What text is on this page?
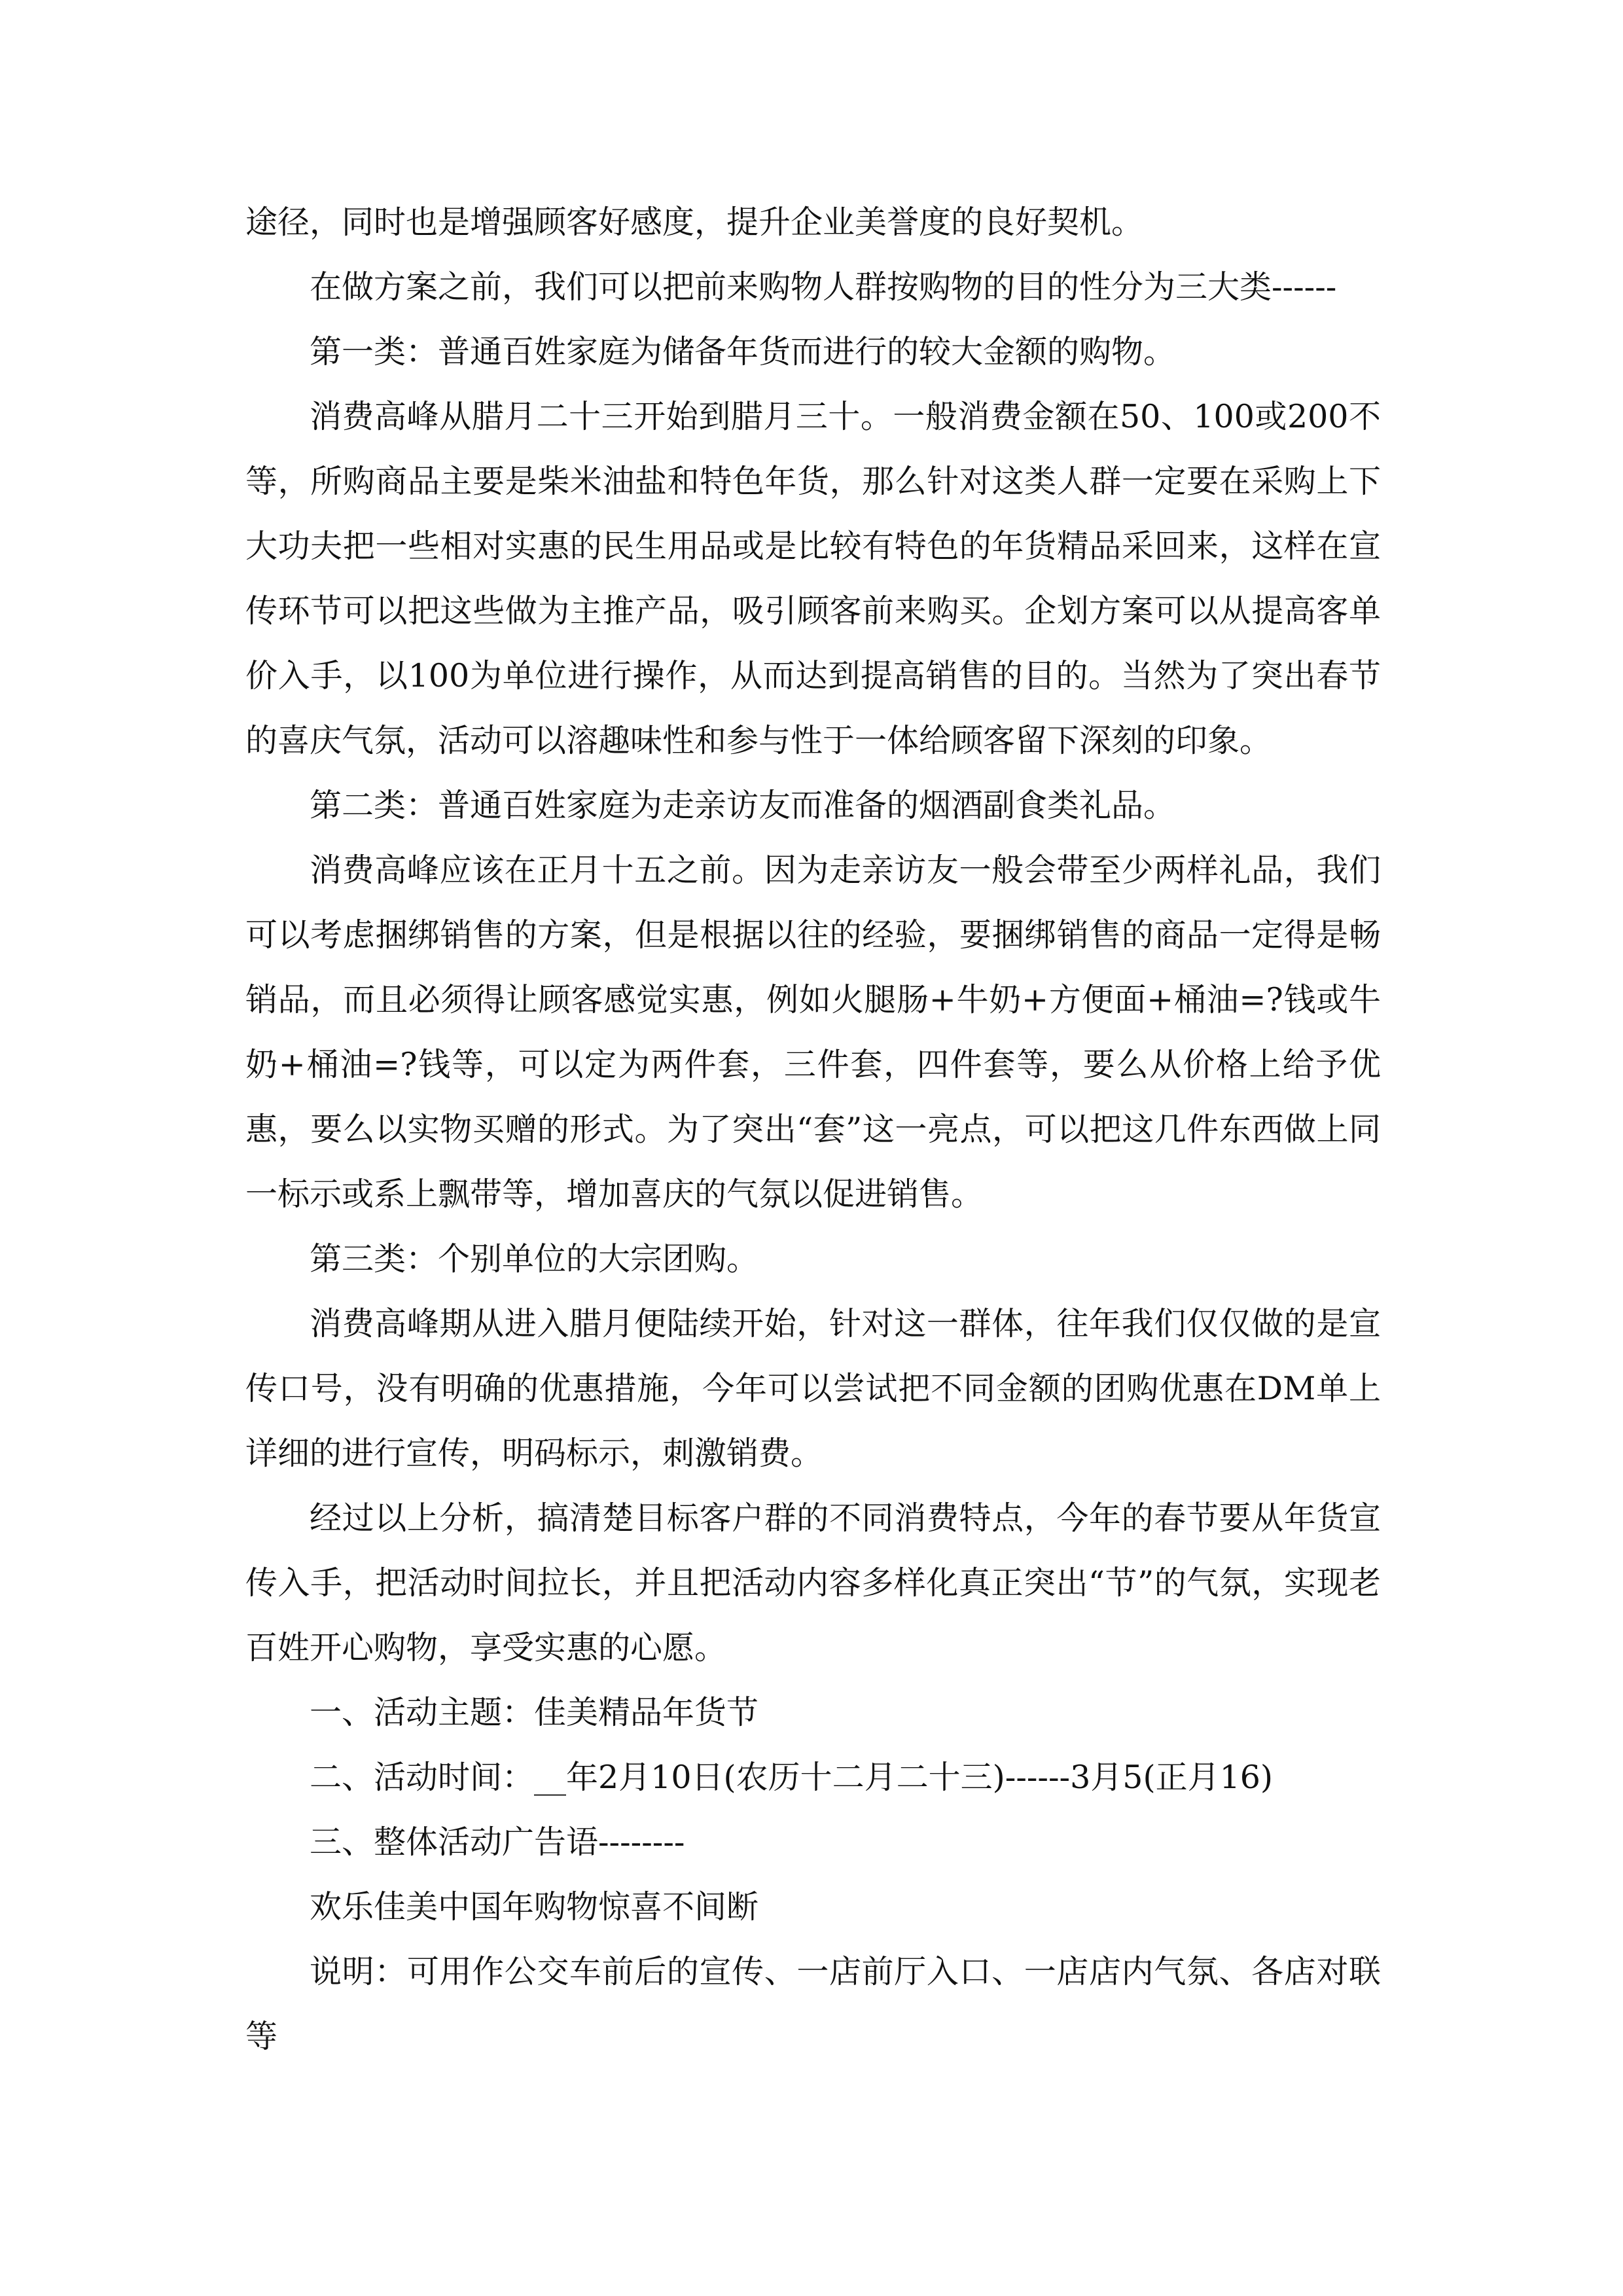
途径，同时也是增强顾客好感度，提升企业美誉度的良好契机。

在做方案之前，我们可以把前来购物人群按购物的目的性分为三大类------

第一类：普通百姓家庭为储备年货而进行的较大金额的购物。

消费高峰从腊月二十三开始到腊月三十。一般消费金额在50、100或200不等，所购商品主要是柴米油盐和特色年货，那么针对这类人群一定要在采购上下大功夫把一些相对实惠的民生用品或是比较有特色的年货精品采回来，这样在宣传环节可以把这些做为主推产品，吸引顾客前来购买。企划方案可以从提高客单价入手，以100为单位进行操作，从而达到提高销售的目的。当然为了突出春节的喜庆气氛，活动可以溶趣味性和参与性于一体给顾客留下深刻的印象。

第二类：普通百姓家庭为走亲访友而准备的烟酒副食类礼品。

消费高峰应该在正月十五之前。因为走亲访友一般会带至少两样礼品，我们可以考虑捆绑销售的方案，但是根据以往的经验，要捆绑销售的商品一定得是畅销品，而且必须得让顾客感觉实惠，例如火腿肠+牛奶+方便面+桶油=?钱或牛奶+桶油=?钱等，可以定为两件套，三件套，四件套等，要么从价格上给予优惠，要么以实物买赠的形式。为了突出“套”这一亮点，可以把这几件东西做上同一标示或系上飘带等，增加喜庆的气氛以促进销售。

第三类：个别单位的大宗团购。

消费高峰期从进入腊月便陆续开始，针对这一群体，往年我们仅仅做的是宣传口号，没有明确的优惠措施，今年可以尝试把不同金额的团购优惠在DM单上详细的进行宣传，明码标示，刺激销费。

经过以上分析，搞清楚目标客户群的不同消费特点，今年的春节要从年货宣传入手，把活动时间拉长，并且把活动内容多样化真正突出“节”的气氛，实现老百姓开心购物，享受实惠的心愿。

一、活动主题：佳美精品年货节

二、活动时间：__年2月10日(农历十二月二十三)------3月5(正月16)

三、整体活动广告语--------

欢乐佳美中国年购物惊喜不间断

说明：可用作公交车前后的宣传、一店前厅入口、一店店内气氛、各店对联等
